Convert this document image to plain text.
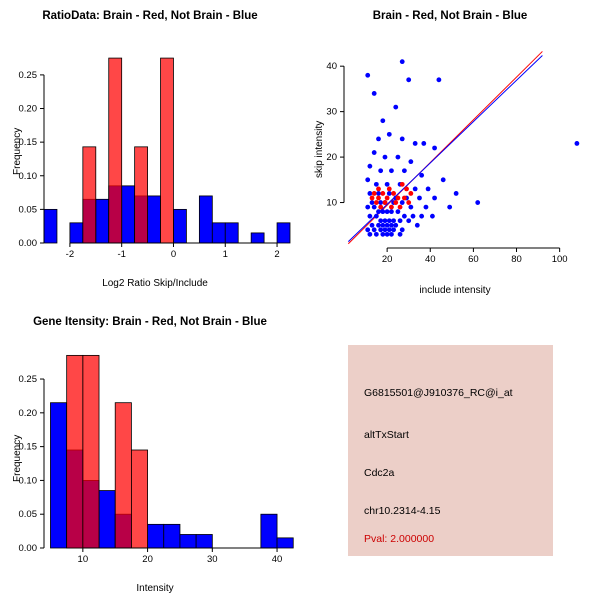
RatioData: Brain - Red, Not Brain - Blue
Frequency
Log2 Ratio Skip/Include
-2	-1	0	1	2
0.00
0.05
0.10
0.15
0.20
0.25
Brain - Red, Not Brain - Blue
skip intensity
include intensity
20	40	60	80	100
10
20
30
40
Gene Itensity: Brain - Red, Not Brain - Blue
Frequency
Intensity
10	20	30	40
0.00
0.05
0.10
0.15
0.20
0.25
G6815501@J910376_RC@i_at
altTxStart
Cdc2a
chr10.2314-4.15
Pval: 2.000000
